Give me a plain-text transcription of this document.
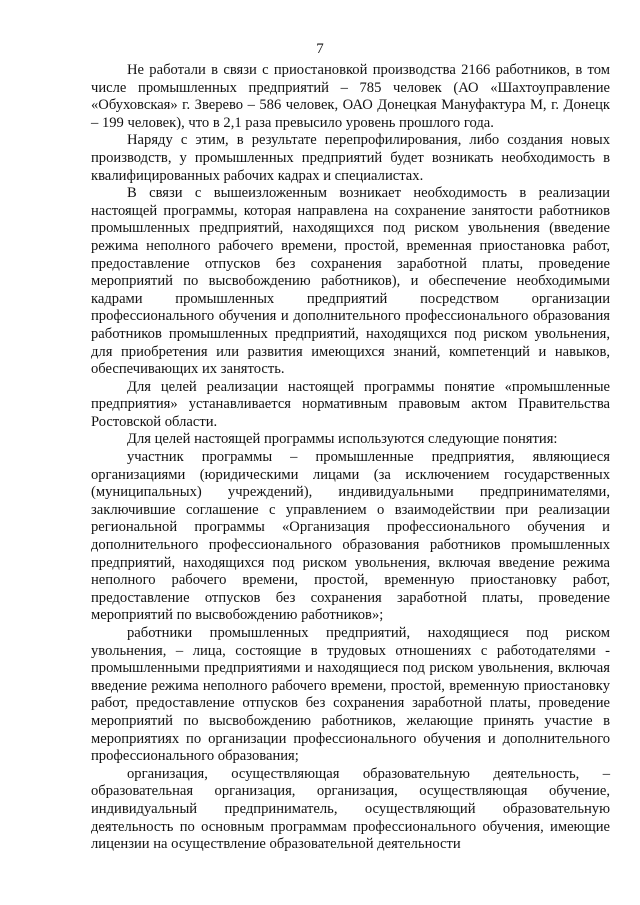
7

Не работали в связи с приостановкой производства 2166 работников, в том числе промышленных предприятий – 785 человек (АО «Шахтоуправление «Обуховская» г. Зверево – 586 человек, ОАО Донецкая Мануфактура М, г. Донецк – 199 человек), что в 2,1 раза превысило уровень прошлого года.

Наряду с этим, в результате перепрофилирования, либо создания новых производств, у промышленных предприятий будет возникать необходимость в квалифицированных рабочих кадрах и специалистах.

В связи с вышеизложенным возникает необходимость в реализации настоящей программы, которая направлена на сохранение занятости работников промышленных предприятий, находящихся под риском увольнения (введение режима неполного рабочего времени, простой, временная приостановка работ, предоставление отпусков без сохранения заработной платы, проведение мероприятий по высвобождению работников), и обеспечение необходимыми кадрами промышленных предприятий посредством организации профессионального обучения и дополнительного профессионального образования работников промышленных предприятий, находящихся под риском увольнения, для приобретения или развития имеющихся знаний, компетенций и навыков, обеспечивающих их занятость.

Для целей реализации настоящей программы понятие «промышленные предприятия» устанавливается нормативным правовым актом Правительства Ростовской области.

Для целей настоящей программы используются следующие понятия:

участник программы – промышленные предприятия, являющиеся организациями (юридическими лицами (за исключением государственных (муниципальных) учреждений), индивидуальными предпринимателями, заключившие соглашение с управлением о взаимодействии при реализации региональной программы «Организация профессионального обучения и дополнительного профессионального образования работников промышленных предприятий, находящихся под риском увольнения, включая введение режима неполного рабочего времени, простой, временную приостановку работ, предоставление отпусков без сохранения заработной платы, проведение мероприятий по высвобождению работников»;

работники промышленных предприятий, находящиеся под риском увольнения, – лица, состоящие в трудовых отношениях с работодателями - промышленными предприятиями и находящиеся под риском увольнения, включая введение режима неполного рабочего времени, простой, временную приостановку работ, предоставление отпусков без сохранения заработной платы, проведение мероприятий по высвобождению работников, желающие принять участие в мероприятиях по организации профессионального обучения и дополнительного профессионального образования;

организация, осуществляющая образовательную деятельность, – образовательная организация, организация, осуществляющая обучение, индивидуальный предприниматель, осуществляющий образовательную деятельность по основным программам профессионального обучения, имеющие лицензии на осуществление образовательной деятельности
